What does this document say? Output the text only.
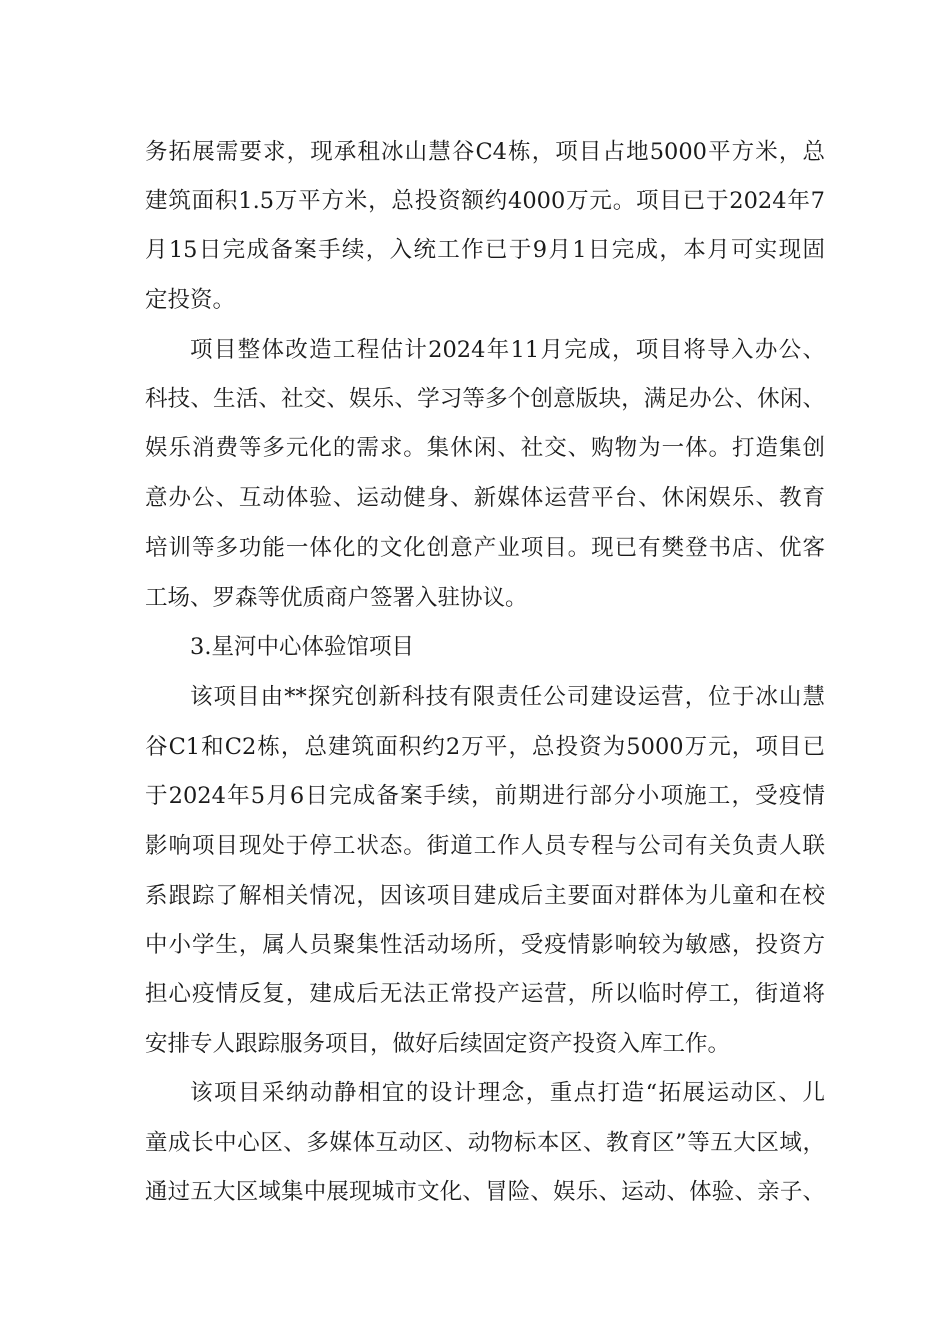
务拓展需要求，现承租冰山慧谷C4栋，项目占地5000平方米，总
建筑面积1.5万平方米，总投资额约4000万元。项目已于2024年7
月15日完成备案手续，入统工作已于9月1日完成，本月可实现固
定投资。
项目整体改造工程估计2024年11月完成，项目将导入办公、
科技、生活、社交、娱乐、学习等多个创意版块，满足办公、休闲、
娱乐消费等多元化的需求。集休闲、社交、购物为一体。打造集创
意办公、互动体验、运动健身、新媒体运营平台、休闲娱乐、教育
培训等多功能一体化的文化创意产业项目。现已有樊登书店、优客
工场、罗森等优质商户签署入驻协议。
3.星河中心体验馆项目
该项目由**探究创新科技有限责任公司建设运营，位于冰山慧
谷C1和C2栋，总建筑面积约2万平，总投资为5000万元，项目已
于2024年5月6日完成备案手续，前期进行部分小项施工，受疫情
影响项目现处于停工状态。街道工作人员专程与公司有关负责人联
系跟踪了解相关情况，因该项目建成后主要面对群体为儿童和在校
中小学生，属人员聚集性活动场所，受疫情影响较为敏感，投资方
担心疫情反复，建成后无法正常投产运营，所以临时停工，街道将
安排专人跟踪服务项目，做好后续固定资产投资入库工作。
该项目采纳动静相宜的设计理念，重点打造“拓展运动区、儿
童成长中心区、多媒体互动区、动物标本区、教育区”等五大区域，
通过五大区域集中展现城市文化、冒险、娱乐、运动、体验、亲子、
